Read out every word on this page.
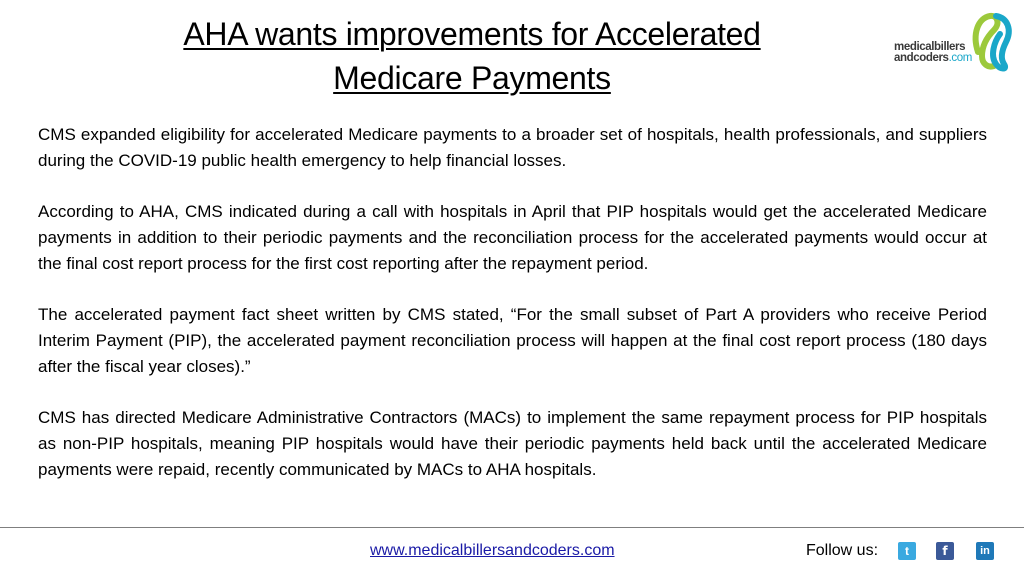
AHA wants improvements for Accelerated
Medicare Payments
medicalbillers
andcoders.com

CMS expanded eligibility for accelerated Medicare payments to a broader set of hospitals, health professionals, and suppliers during the COVID-19 public health emergency to help financial losses.

According to AHA, CMS indicated during a call with hospitals in April that PIP hospitals would get the accelerated Medicare payments in addition to their periodic payments and the reconciliation process for the accelerated payments would occur at the final cost report process for the first cost reporting after the repayment period.

The accelerated payment fact sheet written by CMS stated, “For the small subset of Part A providers who receive Period Interim Payment (PIP), the accelerated payment reconciliation process will happen at the final cost report process (180 days after the fiscal year closes).”

CMS has directed Medicare Administrative Contractors (MACs) to implement the same repayment process for PIP hospitals as non-PIP hospitals, meaning PIP hospitals would have their periodic payments held back until the accelerated Medicare payments were repaid, recently communicated by MACs to AHA hospitals.

www.medicalbillersandcoders.com	Follow us:	t	f	in
